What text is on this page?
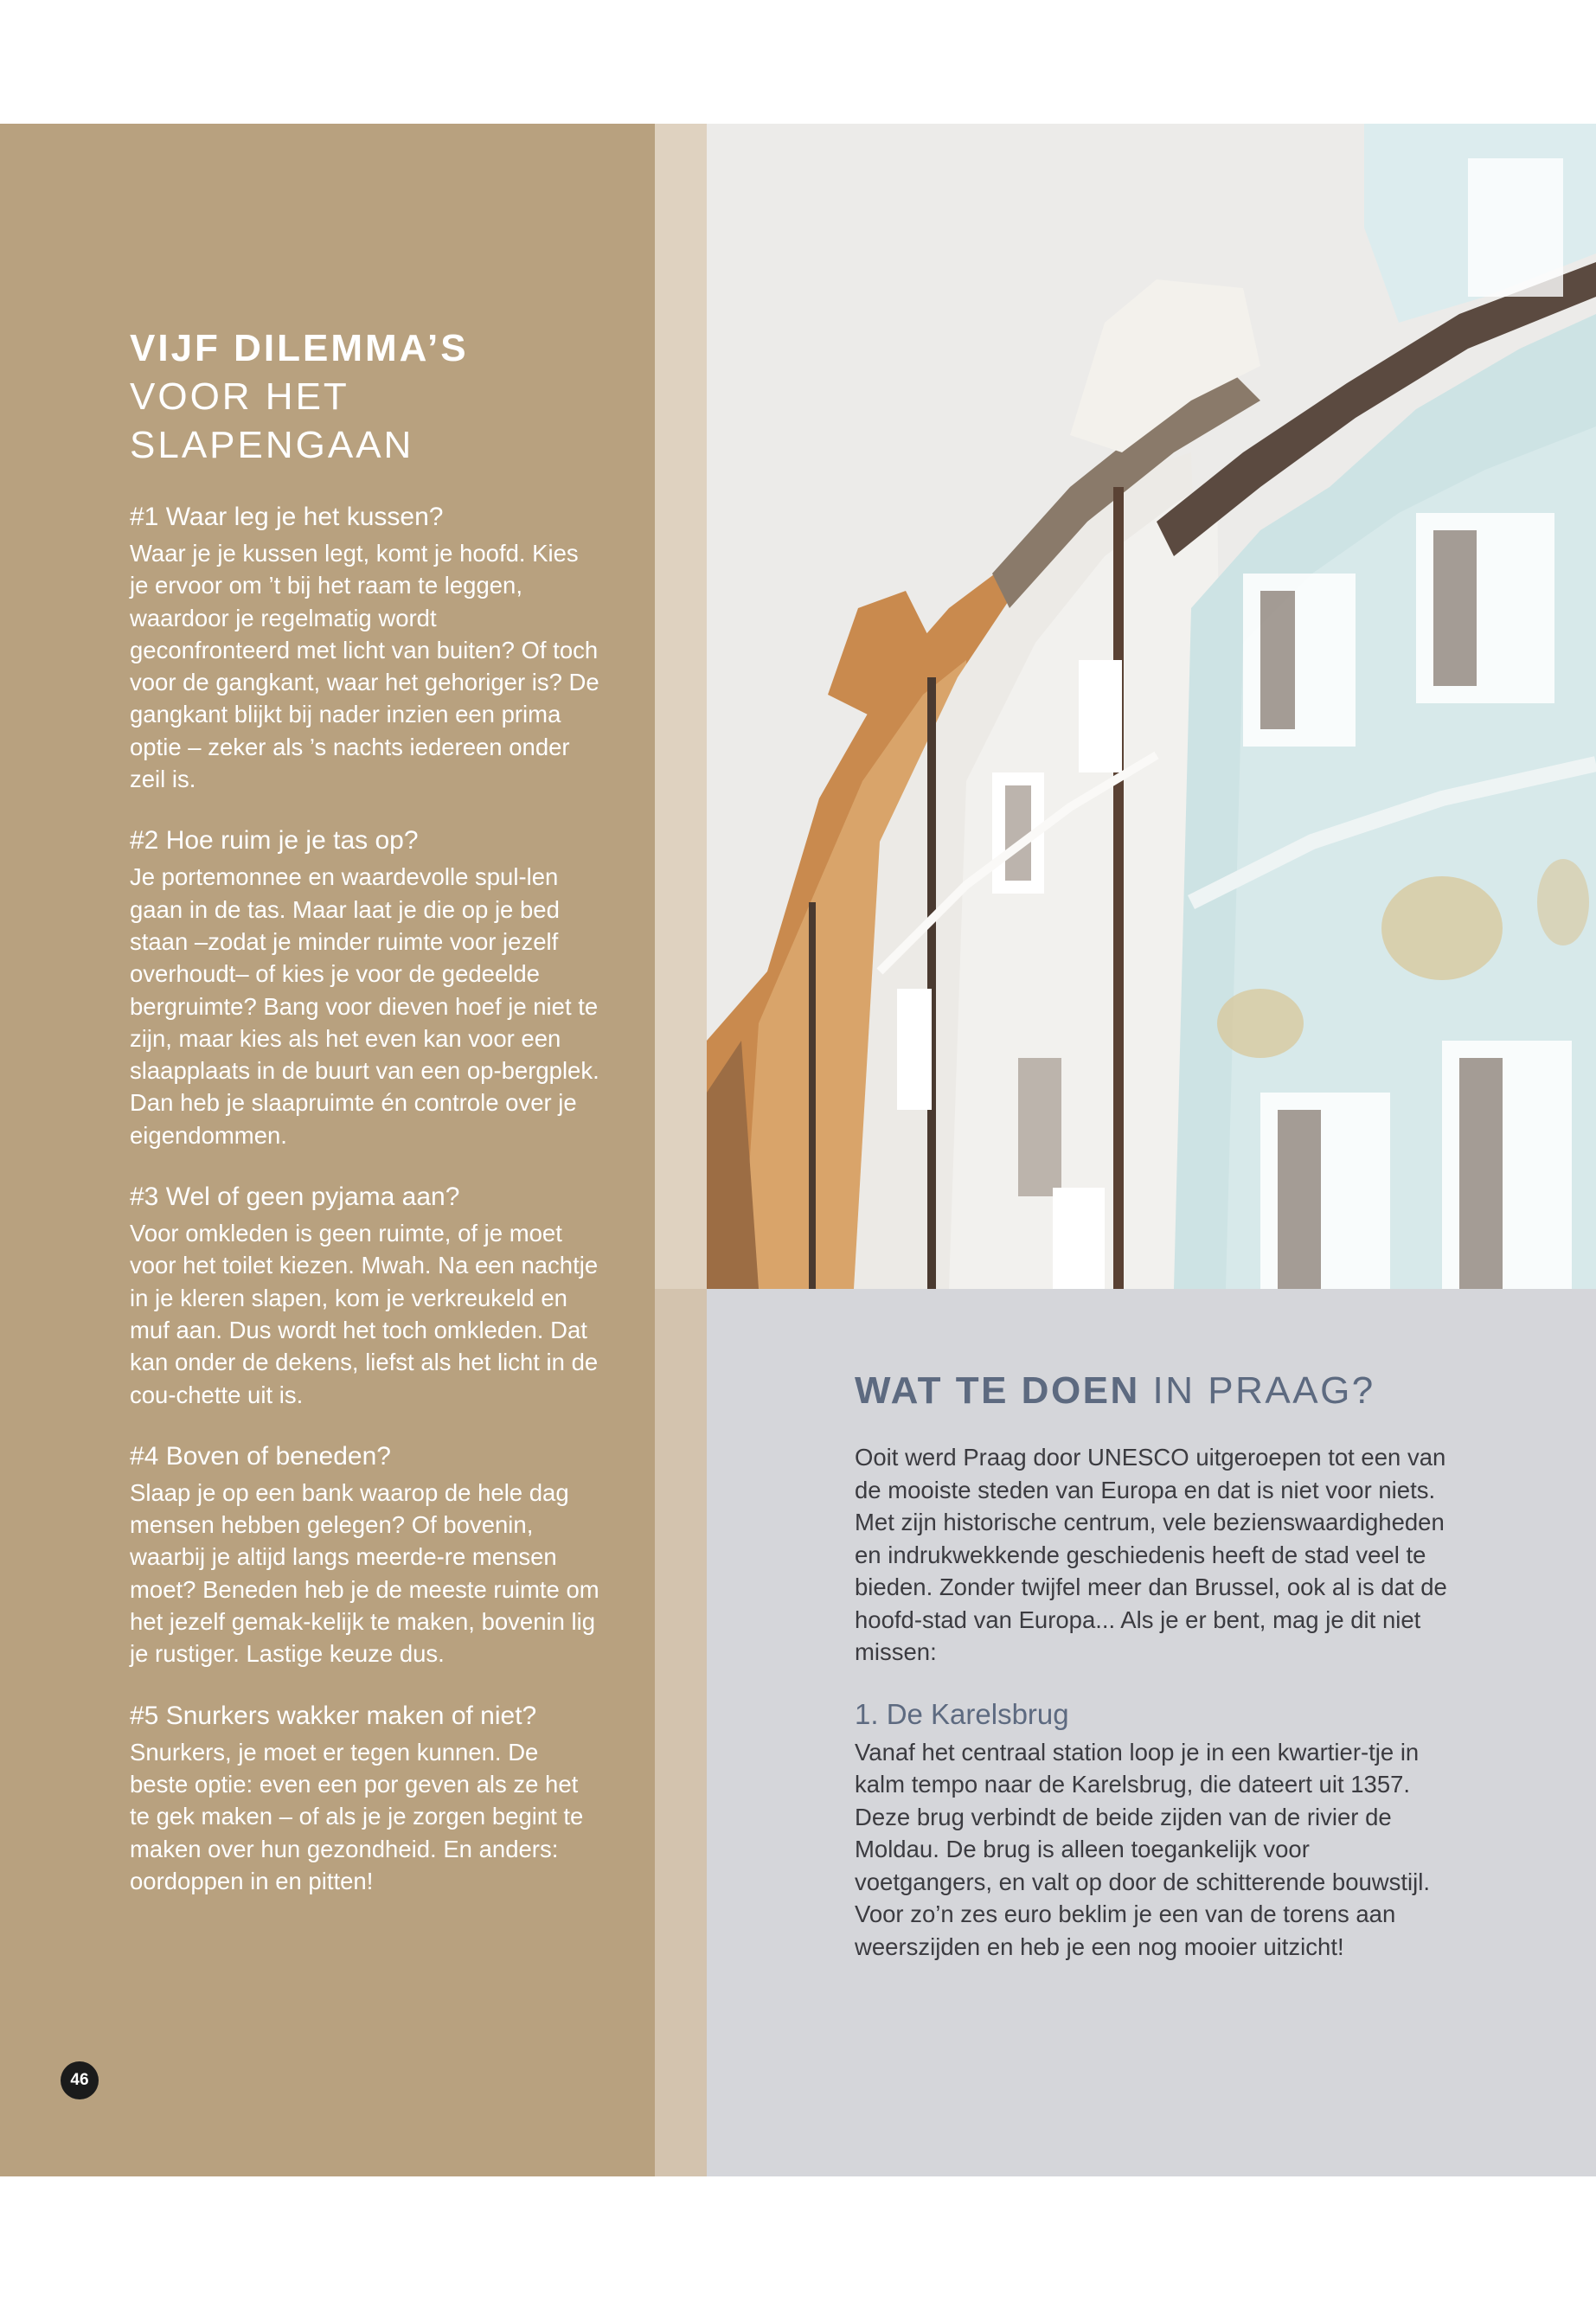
VIJF DILEMMA’S
VOOR HET
SLAPENGAAN
#1 Waar leg je het kussen?

Waar je je kussen legt, komt je hoofd. Kies je ervoor om ’t bij het raam te leggen, waardoor je regelmatig wordt geconfronteerd met licht van buiten? Of toch voor de gangkant, waar het gehoriger is? De gangkant blijkt bij nader inzien een prima optie – zeker als ’s nachts iedereen onder zeil is.

#2 Hoe ruim je je tas op?

Je portemonnee en waardevolle spul-len gaan in de tas. Maar laat je die op je bed staan –zodat je minder ruimte voor jezelf overhoudt– of kies je voor de gedeelde bergruimte? Bang voor dieven hoef je niet te zijn, maar kies als het even kan voor een slaapplaats in de buurt van een op-bergplek. Dan heb je slaapruimte én controle over je eigendommen.

#3 Wel of geen pyjama aan?

Voor omkleden is geen ruimte, of je moet voor het toilet kiezen. Mwah. Na een nachtje in je kleren slapen, kom je verkreukeld en muf aan. Dus wordt het toch omkleden. Dat kan onder de dekens, liefst als het licht in de cou-chette uit is.

#4 Boven of beneden?

Slaap je op een bank waarop de hele dag mensen hebben gelegen? Of bovenin, waarbij je altijd langs meerde-re mensen moet? Beneden heb je de meeste ruimte om het jezelf gemak-kelijk te maken, bovenin lig je rustiger. Lastige keuze dus.

#5 Snurkers wakker maken of niet?

Snurkers, je moet er tegen kunnen. De beste optie: even een por geven als ze het te gek maken – of als je je zorgen begint te maken over hun gezondheid. En anders: oordoppen in en pitten!

WAT TE DOEN IN PRAAG?

Ooit werd Praag door UNESCO uitgeroepen tot een van de mooiste steden van Europa en dat is niet voor niets. Met zijn historische centrum, vele bezienswaardigheden en indrukwekkende geschiedenis heeft de stad veel te bieden. Zonder twijfel meer dan Brussel, ook al is dat de hoofd-stad van Europa... Als je er bent, mag je dit niet missen:

1. De Karelsbrug

Vanaf het centraal station loop je in een kwartier-tje in kalm tempo naar de Karelsbrug, die dateert uit 1357. Deze brug verbindt de beide zijden van de rivier de Moldau. De brug is alleen toegankelijk voor voetgangers, en valt op door de schitterende bouwstijl. Voor zo’n zes euro beklim je een van de torens aan weerszijden en heb je een nog mooier uitzicht!

46
